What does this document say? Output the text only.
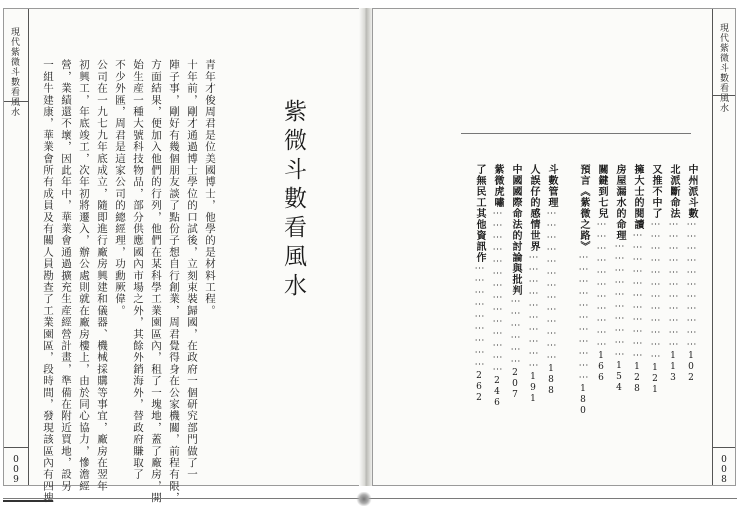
現代紫微斗數看風水
009 一組牛建康，華業會所有成員及有關人員勘查了工業園區，段時間，發現該區內有四塊 營，業績還不壞，因此年中，華業會通過擴充生産經營計畫，準備在附近買地，設另 初興工，年底竣工，次年初將遷入，辦公處則就在廠房樓上，由於同心協力，慘澹經 公司在一九七九年底成立，隨即進行廠房興建和儀器、機械採購等事宜，廠房在翌年 不少外匯，周君是這家公司的總經理，功勳厥偉。 始生産一種大號科技物品，部分供應國內市場之外，其餘外銷海外，替政府賺取了 方面結果，便加入他們的行列，他們在某科學工業園區內，租了一塊地，蓋了廠房，開 陣子事，剛好有幾個朋友談了點份子想自行創業，周君覺得身在公家機關，前程有限， 十年前，剛才通過博士學位的口試後，立刻束裝歸國，在政府一個研究部門做了一 青年才俊周君是位美國博士，他學的是材料工程。	紫微斗數看風水
現代紫微斗數看風水
008
了無民工其他資訊作⋯⋯⋯⋯⋯⋯⋯⋯⋯262
紫微虎嘯⋯⋯⋯⋯⋯⋯⋯⋯⋯⋯⋯⋯⋯⋯246
中國國際命法的討論與批判⋯⋯⋯⋯⋯⋯207
人誤仔的感情世界⋯⋯⋯⋯⋯⋯⋯⋯⋯⋯191
斗數管理⋯⋯⋯⋯⋯⋯⋯⋯⋯⋯⋯⋯⋯188
預言《紫微之路》⋯⋯⋯⋯⋯⋯⋯⋯⋯⋯⋯180
關鍵到七兒⋯⋯⋯⋯⋯⋯⋯⋯⋯⋯⋯166
房屋漏水的命理⋯⋯⋯⋯⋯⋯⋯⋯⋯⋯154
擁大士的閱讀⋯⋯⋯⋯⋯⋯⋯⋯⋯⋯⋯128
又推不中了⋯⋯⋯⋯⋯⋯⋯⋯⋯⋯⋯⋯121
北派斷命法⋯⋯⋯⋯⋯⋯⋯⋯⋯⋯⋯113
中州派斗數⋯⋯⋯⋯⋯⋯⋯⋯⋯⋯⋯102
